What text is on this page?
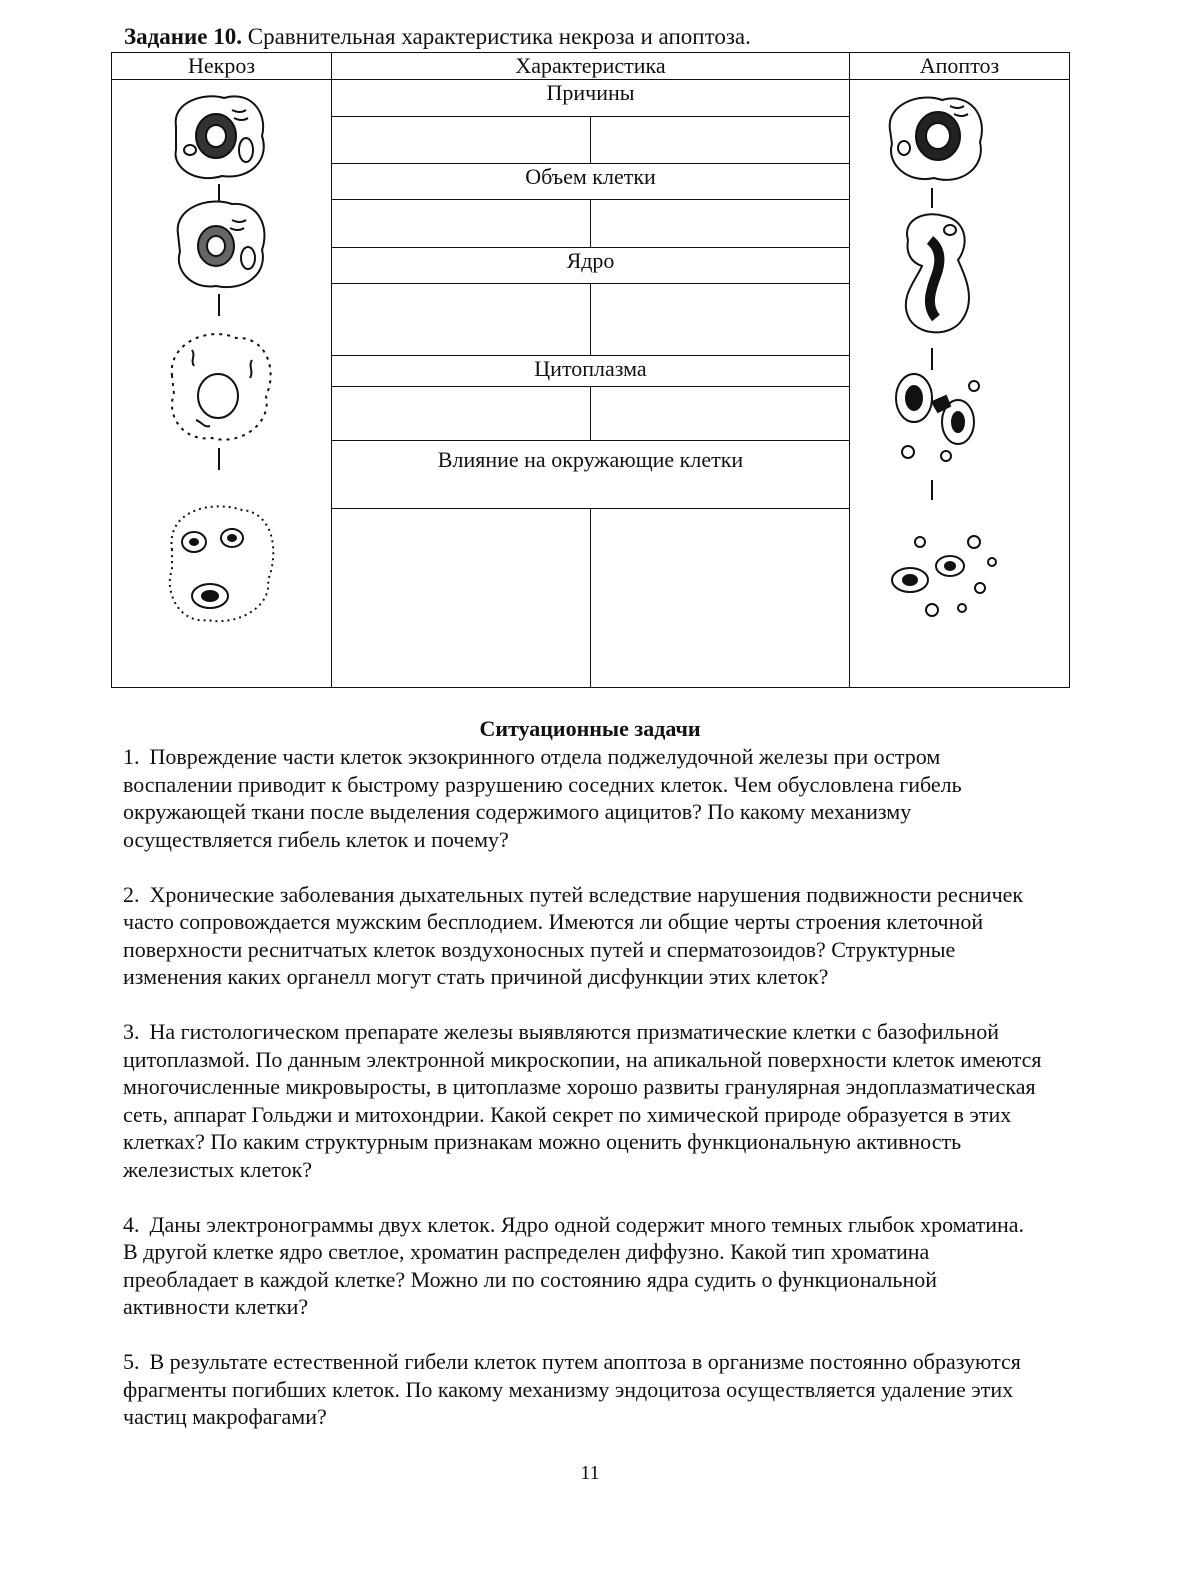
Задание 10. Сравнительная характеристика некроза и апоптоза.
Некроз	Характеристика	Апоптоз

Причины

Объем клетки

Ядро

Цитоплазма

Влияние на окружающие клетки

Ситуационные задачи

1. Повреждение части клеток экзокринного отдела поджелудочной железы при остром воспалении приводит к быстрому разрушению соседних клеток. Чем обусловлена гибель окружающей ткани после выделения содержимого ацицитов? По какому механизму осуществляется гибель клеток и почему?

2. Хронические заболевания дыхательных путей вследствие нарушения подвижности ресничек часто сопровождается мужским бесплодием. Имеются ли общие черты строения клеточной поверхности реснитчатых клеток воздухоносных путей и сперматозоидов? Структурные изменения каких органелл могут стать причиной дисфункции этих клеток?

3. На гистологическом препарате железы выявляются призматические клетки с базофильной цитоплазмой. По данным электронной микроскопии, на апикальной поверхности клеток имеются многочисленные микровыросты, в цитоплазме хорошо развиты гранулярная эндоплазматическая сеть, аппарат Гольджи и митохондрии. Какой секрет по химической природе образуется в этих клетках? По каким структурным признакам можно оценить функциональную активность железистых клеток?

4. Даны электронограммы двух клеток. Ядро одной содержит много темных глыбок хроматина. В другой клетке ядро светлое, хроматин распределен диффузно. Какой тип хроматина преобладает в каждой клетке? Можно ли по состоянию ядра судить о функциональной активности клетки?

5. В результате естественной гибели клеток путем апоптоза в организме постоянно образуются фрагменты погибших клеток. По какому механизму эндоцитоза осуществляется удаление этих частиц макрофагами?

11
